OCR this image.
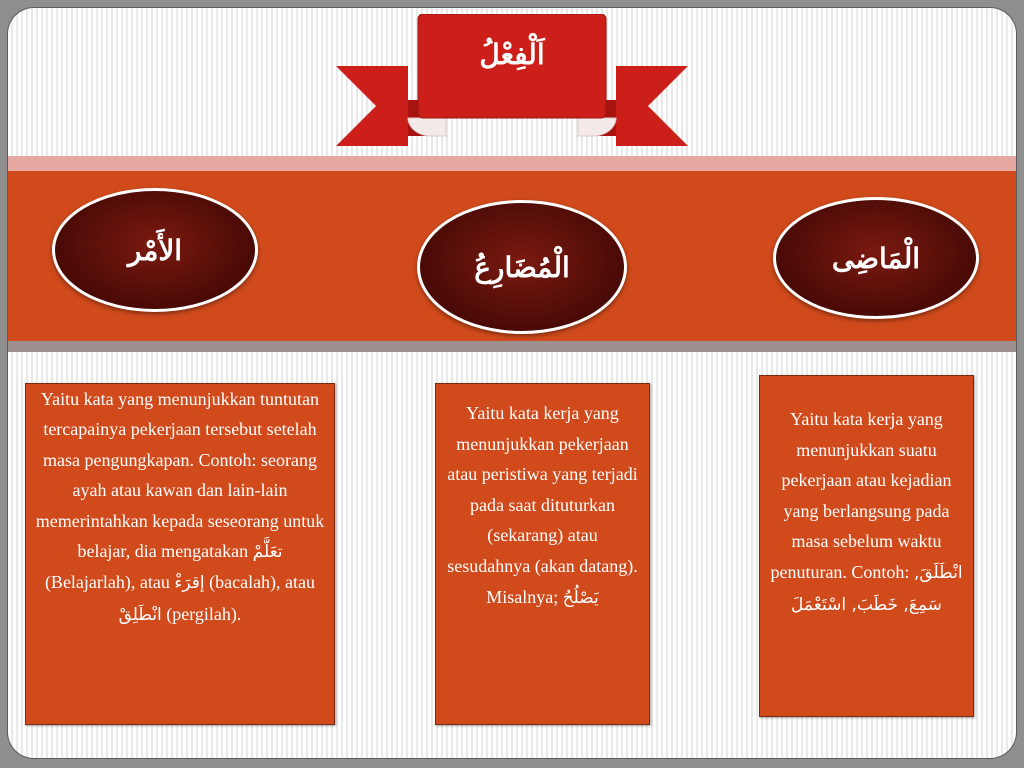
اَلْفِعْلُ
الأَمْر
الْمُضَارِعُ	الْمَاضِى
Yaitu kata yang menunjukkan tuntutan tercapainya pekerjaan tersebut setelah masa pengungkapan. Contoh: seorang ayah atau kawan dan lain-lain memerintahkan kepada seseorang untuk belajar, dia mengatakan تعَلَّمْ (Belajarlah), atau إقرَءْ (bacalah), atau انْطَلِقْ (pergilah).
Yaitu kata kerja yang menunjukkan pekerjaan atau peristiwa yang terjadi pada saat dituturkan (sekarang) atau sesudahnya (akan datang). Misalnya; يَصْلُحُ
Yaitu kata kerja yang menunjukkan suatu pekerjaan atau kejadian yang berlangsung pada masa sebelum waktu penuturan. Contoh: انْطَلَقَ, سَمِعَ, خَطَبَ, اسْتَعْمَلَ
